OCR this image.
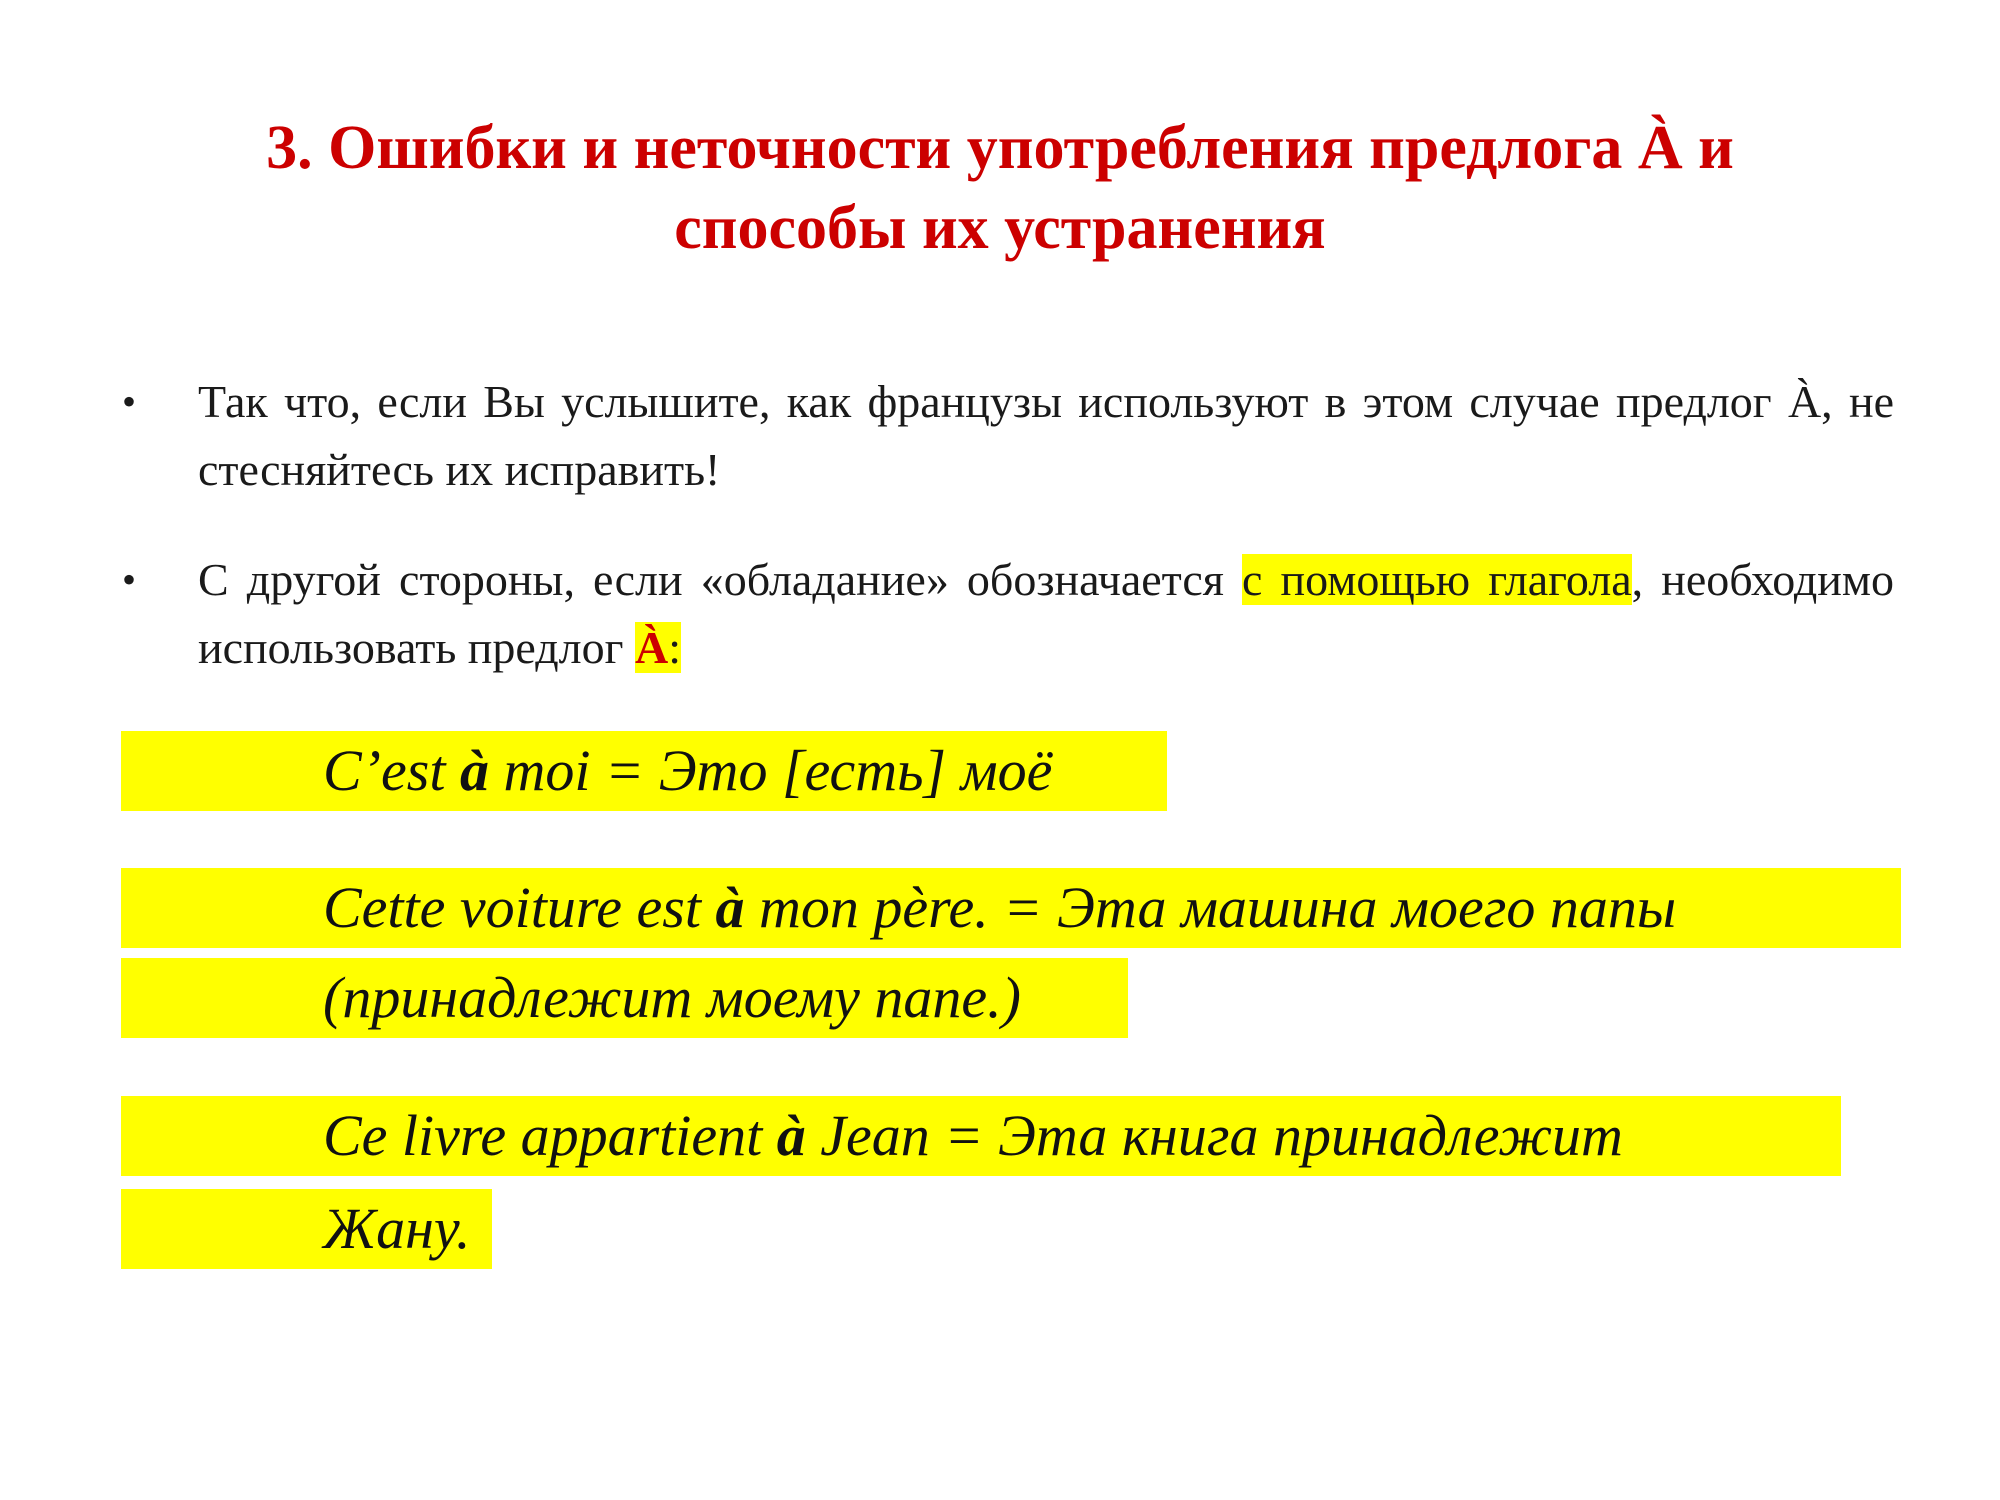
3. Ошибки и неточности употребления предлога À и
способы их устранения
• Так что, если Вы услышите, как французы используют в этом случае предлог À, не стесняйтесь их исправить!
• С другой стороны, если «обладание» обозначается с помощью глагола, необходимо использовать предлог À:
C’est à moi = Это [есть] моё
Cette voiture est à mon père. = Эта машина моего папы
(принадлежит моему папе.)
Ce livre appartient à Jean = Эта книга принадлежит
Жану.
